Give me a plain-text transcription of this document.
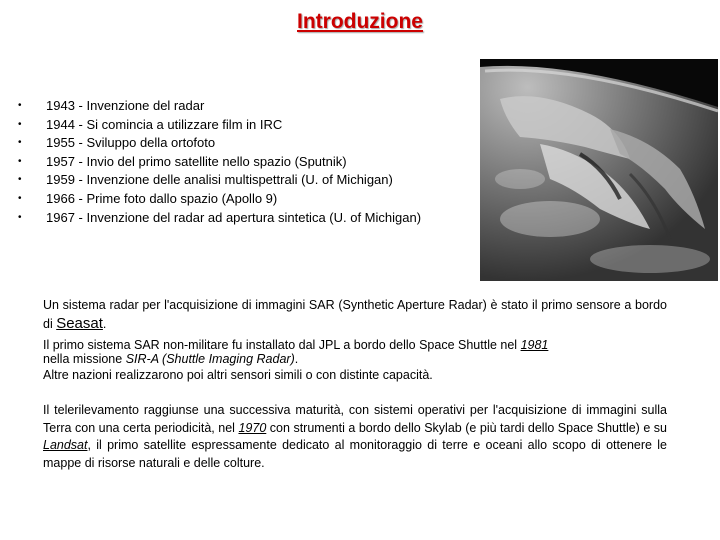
Introduzione
• 1943 - Invenzione del radar
• 1944 - Si comincia a utilizzare film in IRC
• 1955 - Sviluppo della ortofoto
• 1957 - Invio del primo satellite nello spazio (Sputnik)
• 1959 - Invenzione delle analisi multispettrali (U. of Michigan)
• 1966 - Prime foto dallo spazio (Apollo 9)
• 1967 - Invenzione del radar ad apertura sintetica (U. of Michigan)

Un sistema radar per l'acquisizione di immagini SAR (Synthetic Aperture Radar) è stato il primo sensore a bordo di Seasat.

Il primo sistema SAR non-militare fu installato dal JPL a bordo dello Space Shuttle nel 1981

nella missione SIR-A (Shuttle Imaging Radar).

Altre nazioni realizzarono poi altri sensori simili o con distinte capacità.

Il telerilevamento raggiunse una successiva maturità, con sistemi operativi per l'acquisizione di immagini sulla Terra con una certa periodicità, nel 1970 con strumenti a bordo dello Skylab (e più tardi dello Space Shuttle) e su Landsat, il primo satellite espressamente dedicato al monitoraggio di terre e oceani allo scopo di ottenere le mappe di risorse naturali e delle colture.
